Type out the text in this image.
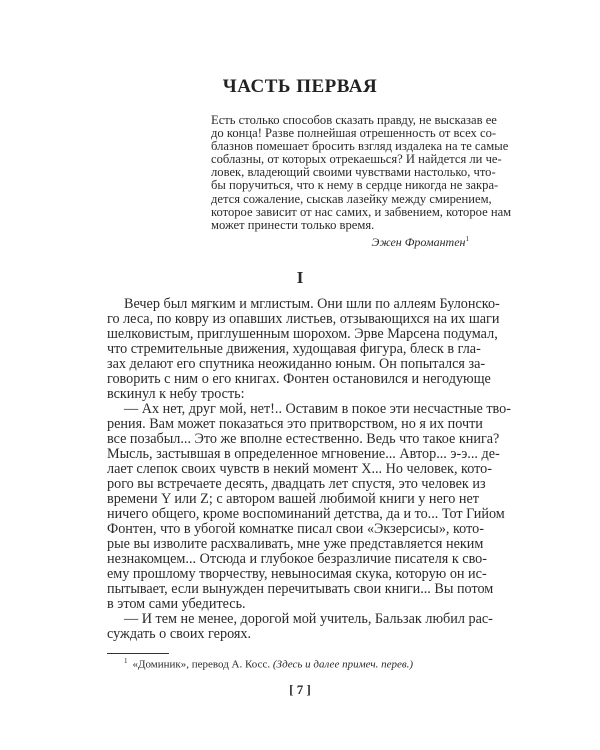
ЧАСТЬ ПЕРВАЯ
Есть столько способов сказать правду, не высказав ее
до конца! Разве полнейшая отрешенность от всех со-
блазнов помешает бросить взгляд издалека на те самые
соблазны, от которых отрекаешься? И найдется ли че-
ловек, владеющий своими чувствами настолько, что-
бы поручиться, что к нему в сердце никогда не закра-
дется сожаление, сыскав лазейку между смирением,
которое зависит от нас самих, и забвением, которое нам
может принести только время.
Эжен Фромантен$^1$
I
Вечер был мягким и мглистым. Они шли по аллеям Булонско-
го леса, по ковру из опавших листьев, отзывающихся на их шаги
шелковистым, приглушенным шорохом. Эрве Марсена подумал,
что стремительные движения, худощавая фигура, блеск в гла-
зах делают его спутника неожиданно юным. Он попытался за-
говорить с ним о его книгах. Фонтен остановился и негодующе
вскинул к небу трость:
— Ах нет, друг мой, нет!.. Оставим в покое эти несчастные тво-
рения. Вам может показаться это притворством, но я их почти
все позабыл... Это же вполне естественно. Ведь что такое книга?
Мысль, застывшая в определенное мгновение... Автор... э-э... де-
лает слепок своих чувств в некий момент X... Но человек, кото-
рого вы встречаете десять, двадцать лет спустя, это человек из
времени Y или Z; с автором вашей любимой книги у него нет
ничего общего, кроме воспоминаний детства, да и то... Тот Гийом
Фонтен, что в убогой комнатке писал свои «Экзерсисы», кото-
рые вы изволите расхваливать, мне уже представляется неким
незнакомцем... Отсюда и глубокое безразличие писателя к сво-
ему прошлому творчеству, невыносимая скука, которую он ис-
пытывает, если вынужден перечитывать свои книги... Вы потом
в этом сами убедитесь.
— И тем не менее, дорогой мой учитель, Бальзак любил рас-
суждать о своих героях.
$^1$ «Доминик», перевод А. Косс. (Здесь и далее примеч. перев.)
[ 7 ]
